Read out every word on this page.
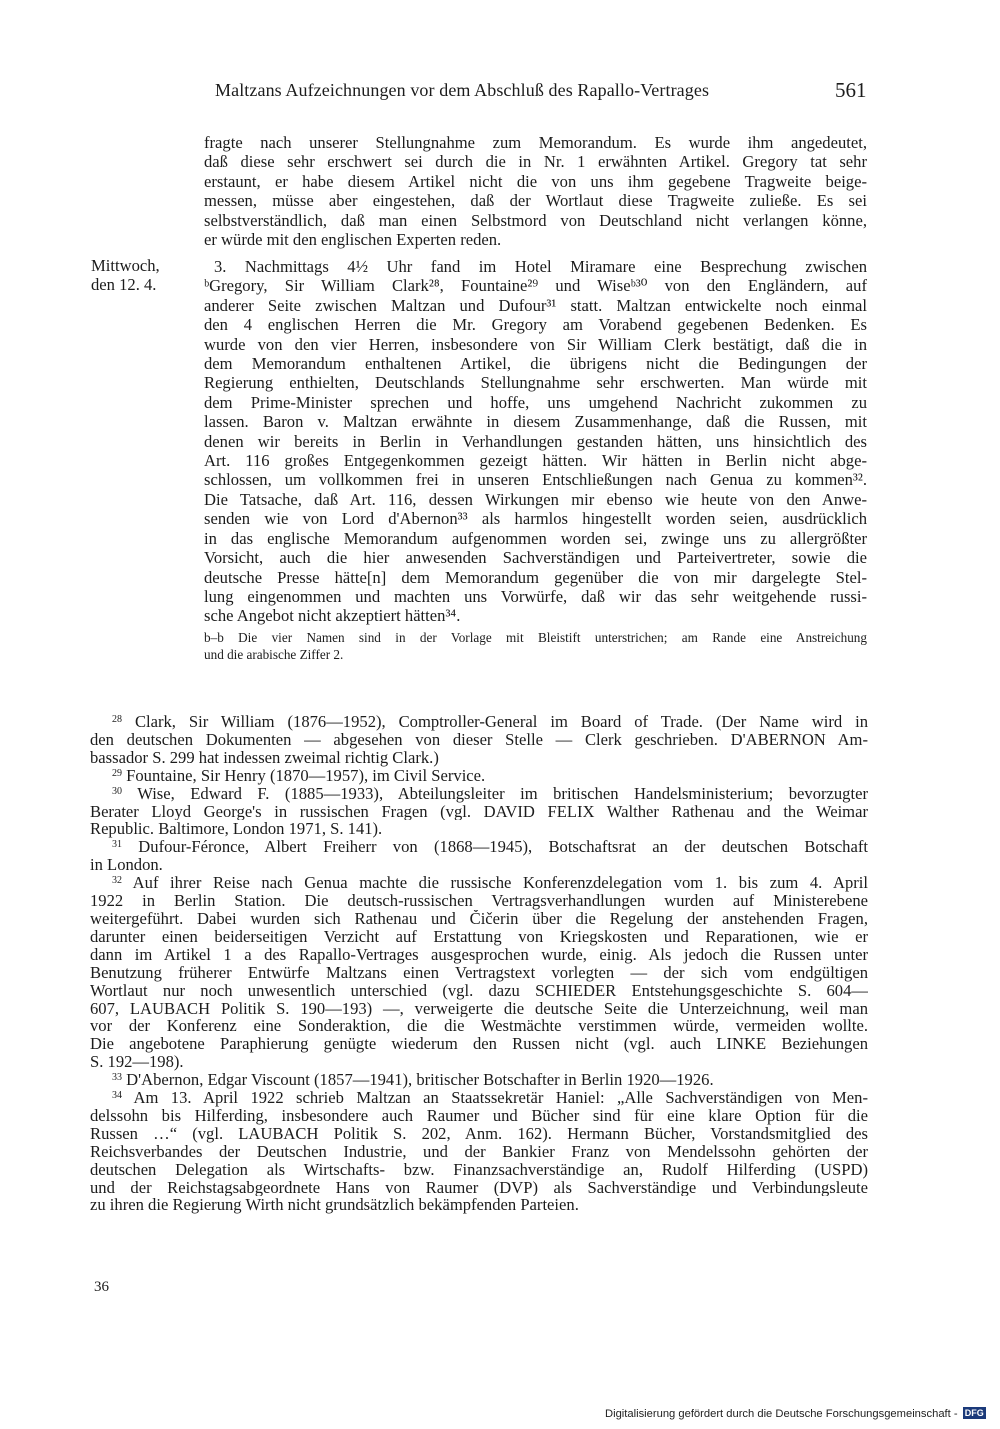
Maltzans Aufzeichnungen vor dem Abschluß des Rapallo-Vertrages	561
fragte nach unserer Stellungnahme zum Memorandum. Es wurde ihm angedeutet,
daß diese sehr erschwert sei durch die in Nr. 1 erwähnten Artikel. Gregory tat sehr
erstaunt, er habe diesem Artikel nicht die von uns ihm gegebene Tragweite beige-
messen, müsse aber eingestehen, daß der Wortlaut diese Tragweite zuließe. Es sei
selbstverständlich, daß man einen Selbstmord von Deutschland nicht verlangen könne,
er würde mit den englischen Experten reden.
Mittwoch,
den 12. 4.
3. Nachmittags 4½ Uhr fand im Hotel Miramare eine Besprechung zwischen
ᵇGregory, Sir William Clark²⁸, Fountaine²⁹ und Wiseᵇ³⁰ von den Engländern, auf
anderer Seite zwischen Maltzan und Dufour³¹ statt. Maltzan entwickelte noch einmal
den 4 englischen Herren die Mr. Gregory am Vorabend gegebenen Bedenken. Es
wurde von den vier Herren, insbesondere von Sir William Clerk bestätigt, daß die in
dem Memorandum enthaltenen Artikel, die übrigens nicht die Bedingungen der
Regierung enthielten, Deutschlands Stellungnahme sehr erschwerten. Man würde mit
dem Prime-Minister sprechen und hoffe, uns umgehend Nachricht zukommen zu
lassen. Baron v. Maltzan erwähnte in diesem Zusammenhange, daß die Russen, mit
denen wir bereits in Berlin in Verhandlungen gestanden hätten, uns hinsichtlich des
Art. 116 großes Entgegenkommen gezeigt hätten. Wir hätten in Berlin nicht abge-
schlossen, um vollkommen frei in unseren Entschließungen nach Genua zu kommen³².
Die Tatsache, daß Art. 116, dessen Wirkungen mir ebenso wie heute von den Anwe-
senden wie von Lord d'Abernon³³ als harmlos hingestellt worden seien, ausdrücklich
in das englische Memorandum aufgenommen worden sei, zwinge uns zu allergrößter
Vorsicht, auch die hier anwesenden Sachverständigen und Parteivertreter, sowie die
deutsche Presse hätte[n] dem Memorandum gegenüber die von mir dargelegte Stel-
lung eingenommen und machten uns Vorwürfe, daß wir das sehr weitgehende russi-
sche Angebot nicht akzeptiert hätten³⁴.
b–b Die vier Namen sind in der Vorlage mit Bleistift unterstrichen; am Rande eine Anstreichung
und die arabische Ziffer 2.
$^{28}$ Clark, Sir William (1876—1952), Comptroller-General im Board of Trade. (Der Name wird in
den deutschen Dokumenten — abgesehen von dieser Stelle — Clerk geschrieben. D'ABERNON Am-
bassador S. 299 hat indessen zweimal richtig Clark.)
$^{29}$ Fountaine, Sir Henry (1870—1957), im Civil Service.
$^{30}$ Wise, Edward F. (1885—1933), Abteilungsleiter im britischen Handelsministerium; bevorzugter
Berater Lloyd George's in russischen Fragen (vgl. DAVID FELIX Walther Rathenau and the Weimar
Republic. Baltimore, London 1971, S. 141).
$^{31}$ Dufour-Féronce, Albert Freiherr von (1868—1945), Botschaftsrat an der deutschen Botschaft
in London.
$^{32}$ Auf ihrer Reise nach Genua machte die russische Konferenzdelegation vom 1. bis zum 4. April
1922 in Berlin Station. Die deutsch-russischen Vertragsverhandlungen wurden auf Ministerebene
weitergeführt. Dabei wurden sich Rathenau und Čičerin über die Regelung der anstehenden Fragen,
darunter einen beiderseitigen Verzicht auf Erstattung von Kriegskosten und Reparationen, wie er
dann im Artikel 1 a des Rapallo-Vertrages ausgesprochen wurde, einig. Als jedoch die Russen unter
Benutzung früherer Entwürfe Maltzans einen Vertragstext vorlegten — der sich vom endgültigen
Wortlaut nur noch unwesentlich unterschied (vgl. dazu SCHIEDER Entstehungsgeschichte S. 604—
607, LAUBACH Politik S. 190—193) —, verweigerte die deutsche Seite die Unterzeichnung, weil man
vor der Konferenz eine Sonderaktion, die die Westmächte verstimmen würde, vermeiden wollte.
Die angebotene Paraphierung genügte wiederum den Russen nicht (vgl. auch LINKE Beziehungen
S. 192—198).
$^{33}$ D'Abernon, Edgar Viscount (1857—1941), britischer Botschafter in Berlin 1920—1926.
$^{34}$ Am 13. April 1922 schrieb Maltzan an Staatssekretär Haniel: „Alle Sachverständigen von Men-
delssohn bis Hilferding, insbesondere auch Raumer und Bücher sind für eine klare Option für die
Russen …“ (vgl. LAUBACH Politik S. 202, Anm. 162). Hermann Bücher, Vorstandsmitglied des
Reichsverbandes der Deutschen Industrie, und der Bankier Franz von Mendelssohn gehörten der
deutschen Delegation als Wirtschafts- bzw. Finanzsachverständige an, Rudolf Hilferding (USPD)
und der Reichstagsabgeordnete Hans von Raumer (DVP) als Sachverständige und Verbindungsleute
zu ihren die Regierung Wirth nicht grundsätzlich bekämpfenden Parteien.
36
Digitalisierung gefördert durch die Deutsche Forschungsgemeinschaft - DFG
